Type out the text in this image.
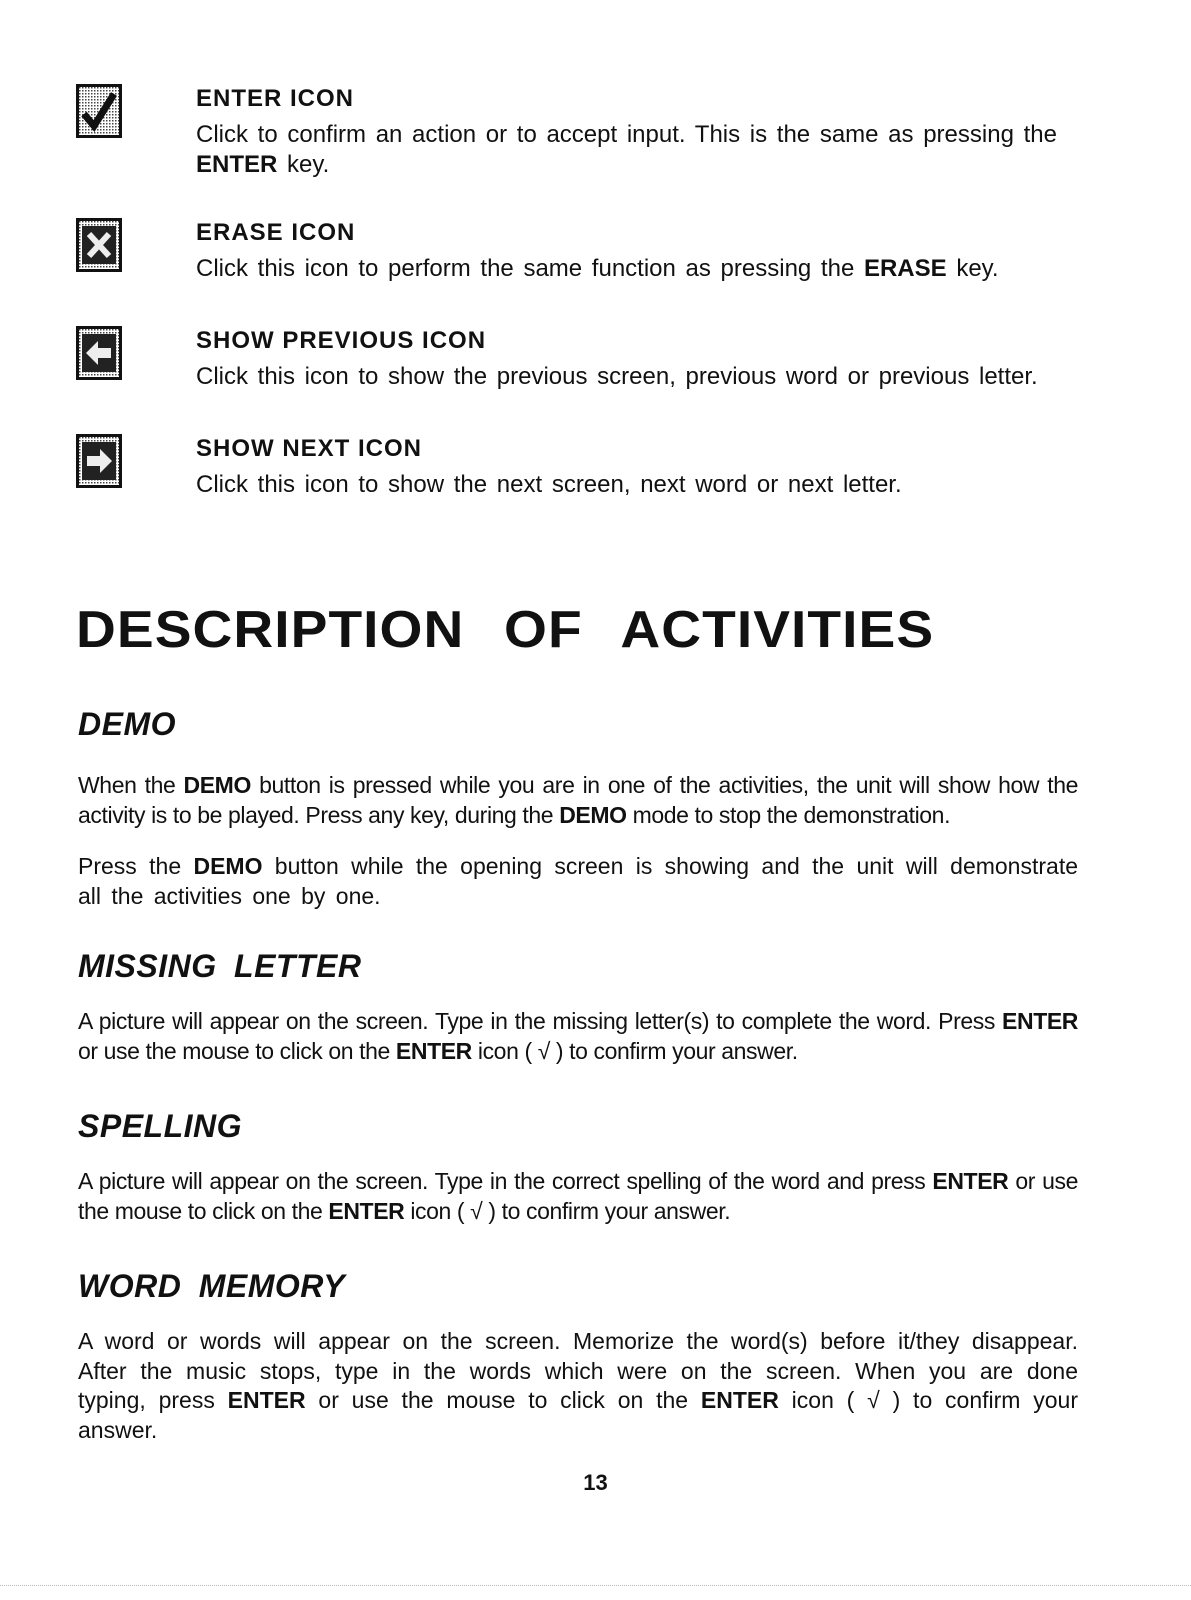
ENTER ICON

Click to confirm an action or to accept input. This is the same as pressing the ENTER key.

ERASE ICON

Click this icon to perform the same function as pressing the ERASE key.

SHOW PREVIOUS ICON

Click this icon to show the previous screen, previous word or previous letter.

SHOW NEXT ICON

Click this icon to show the next screen, next word or next letter.

DESCRIPTION OF ACTIVITIES
DEMO

When the DEMO button is pressed while you are in one of the activities, the unit will show how the activity is to be played. Press any key, during the DEMO mode to stop the demonstration.

Press the DEMO button while the opening screen is showing and the unit will demonstrate all the activities one by one.

MISSING LETTER

A picture will appear on the screen. Type in the missing letter(s) to complete the word. Press ENTER or use the mouse to click on the ENTER icon ( √ ) to confirm your answer.

SPELLING

A picture will appear on the screen. Type in the correct spelling of the word and press ENTER or use the mouse to click on the ENTER icon ( √ ) to confirm your answer.

WORD MEMORY

A word or words will appear on the screen. Memorize the word(s) before it/they disappear. After the music stops, type in the words which were on the screen. When you are done typing, press ENTER or use the mouse to click on the ENTER icon ( √ ) to confirm your answer.

13
